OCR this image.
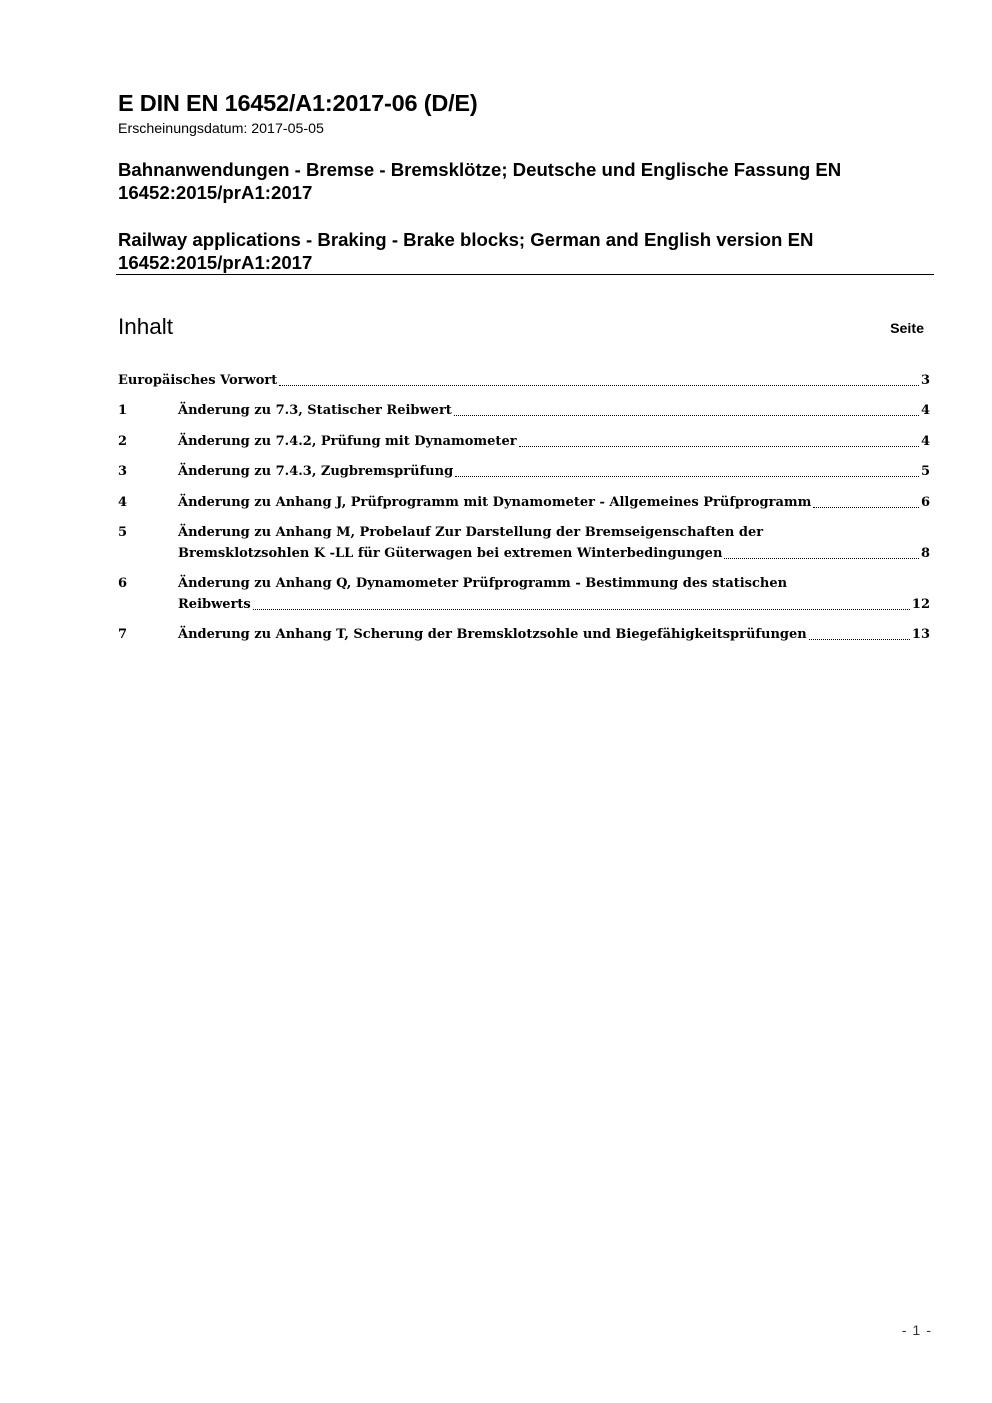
E DIN EN 16452/A1:2017-06 (D/E)
Erscheinungsdatum: 2017-05-05
Bahnanwendungen - Bremse - Bremsklötze; Deutsche und Englische Fassung EN 16452:2015/prA1:2017
Railway applications - Braking - Brake blocks; German and English version EN 16452:2015/prA1:2017
Inhalt	Seite
Europäisches Vorwort	3
1	Änderung zu 7.3, Statischer Reibwert	4
2	Änderung zu 7.4.2, Prüfung mit Dynamometer	4
3	Änderung zu 7.4.3, Zugbremsprüfung	5
4	Änderung zu Anhang J, Prüfprogramm mit Dynamometer - Allgemeines Prüfprogramm	6
5	Änderung zu Anhang M, Probelauf Zur Darstellung der Bremseigenschaften der
Bremsklotzsohlen K -LL für Güterwagen bei extremen Winterbedingungen	8
6	Änderung zu Anhang Q, Dynamometer Prüfprogramm - Bestimmung des statischen
Reibwerts	12
7	Änderung zu Anhang T, Scherung der Bremsklotzsohle und Biegefähigkeitsprüfungen	13
- 1 -
